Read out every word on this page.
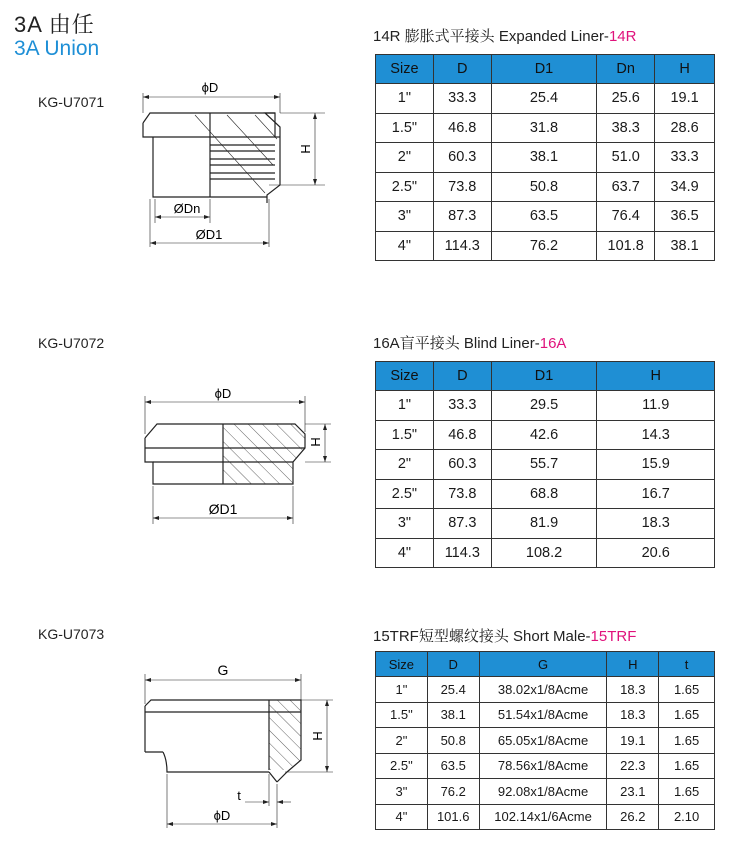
3A 由任
3A Union
KG-U7071
ϕD
ØDn
ØD1
H
14R 膨胀式平接头 Expanded Liner-14R
Size	D	D1	Dn	H
1"	33.3	25.4	25.6	19.1
1.5"	46.8	31.8	38.3	28.6
2"	60.3	38.1	51.0	33.3
2.5"	73.8	50.8	63.7	34.9
3"	87.3	63.5	76.4	36.5
4"	114.3	76.2	101.8	38.1
KG-U7072
ϕD
ØD1
H
16A盲平接头 Blind Liner-16A
Size	D	D1	H
1"	33.3	29.5	11.9
1.5"	46.8	42.6	14.3
2"	60.3	55.7	15.9
2.5"	73.8	68.8	16.7
3"	87.3	81.9	18.3
4"	114.3	108.2	20.6
KG-U7073
G
t
ϕD
H
15TRF短型螺纹接头 Short Male-15TRF
Size	D	G	H	t
1"	25.4	38.02x1/8Acme	18.3	1.65
1.5"	38.1	51.54x1/8Acme	18.3	1.65
2"	50.8	65.05x1/8Acme	19.1	1.65
2.5"	63.5	78.56x1/8Acme	22.3	1.65
3"	76.2	92.08x1/8Acme	23.1	1.65
4"	101.6	102.14x1/6Acme	26.2	2.10
